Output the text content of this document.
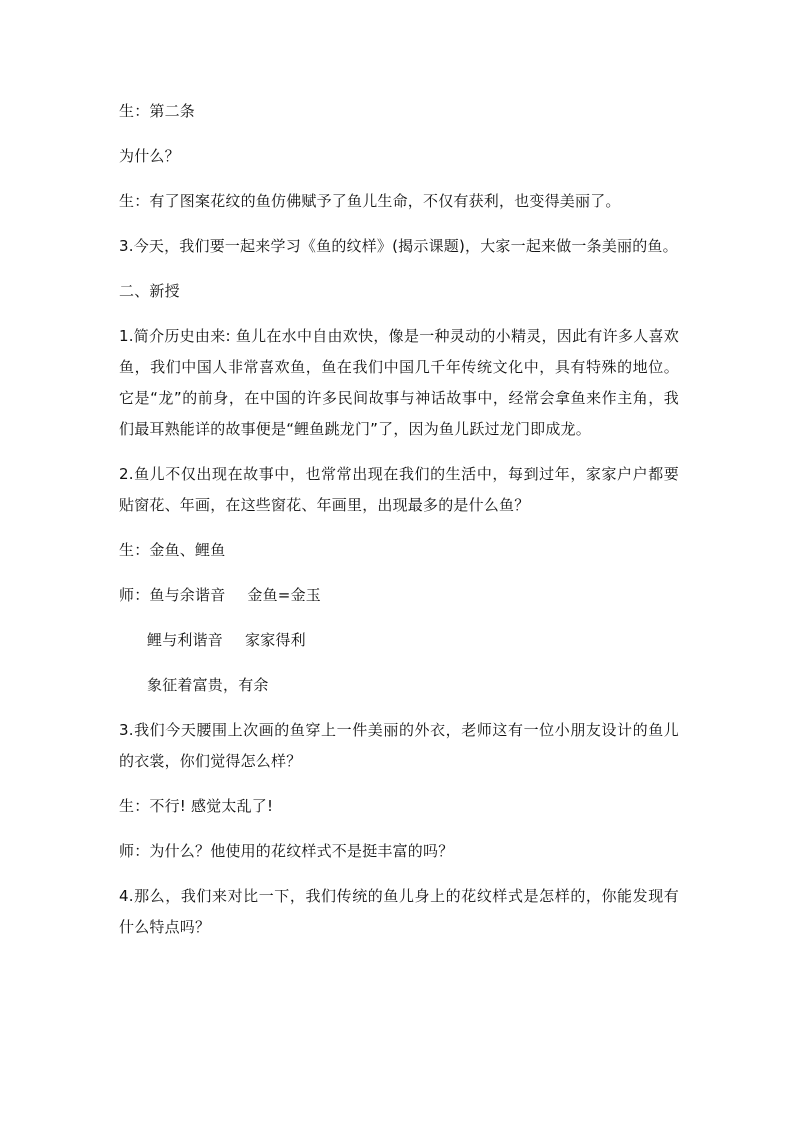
生：第二条

为什么？

生：有了图案花纹的鱼仿佛赋予了鱼儿生命，不仅有获利，也变得美丽了。

3.今天，我们要一起来学习《鱼的纹样》(揭示课题)，大家一起来做一条美丽的鱼。

二、新授

1.简介历史由来: 鱼儿在水中自由欢快，像是一种灵动的小精灵，因此有许多人喜欢鱼，我们中国人非常喜欢鱼，鱼在我们中国几千年传统文化中，具有特殊的地位。它是“龙”的前身，在中国的许多民间故事与神话故事中，经常会拿鱼来作主角，我们最耳熟能详的故事便是“鲤鱼跳龙门”了，因为鱼儿跃过龙门即成龙。

2.鱼儿不仅出现在故事中，也常常出现在我们的生活中，每到过年，家家户户都要贴窗花、年画，在这些窗花、年画里，出现最多的是什么鱼？

生：金鱼、鲤鱼

师：鱼与余谐音 金鱼=金玉

鲤与利谐音 家家得利

象征着富贵，有余

3.我们今天腰围上次画的鱼穿上一件美丽的外衣，老师这有一位小朋友设计的鱼儿的衣裳，你们觉得怎么样？

生：不行! 感觉太乱了!

师：为什么？他使用的花纹样式不是挺丰富的吗？

4.那么，我们来对比一下，我们传统的鱼儿身上的花纹样式是怎样的，你能发现有什么特点吗？
